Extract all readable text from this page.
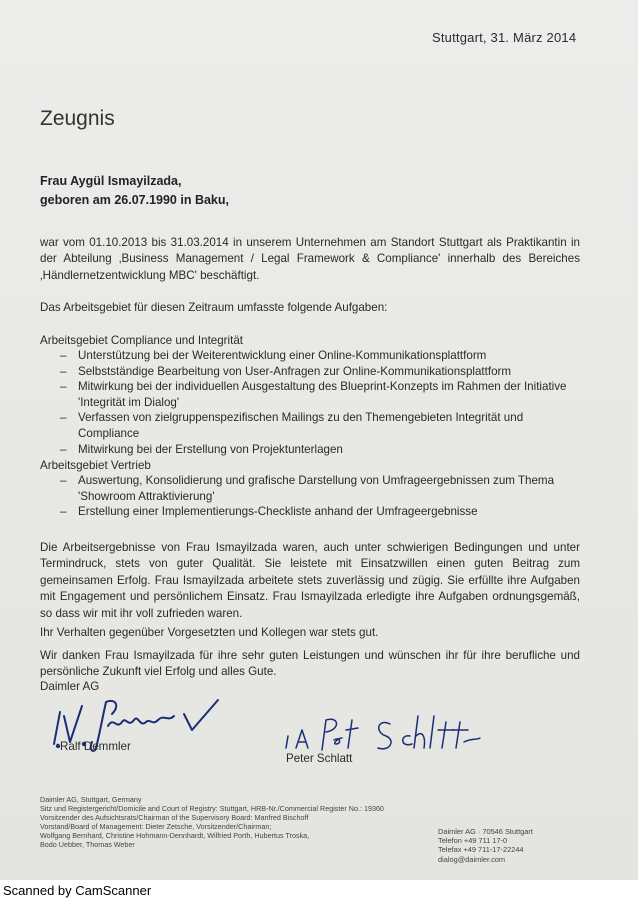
Stuttgart, 31. März 2014
Zeugnis
Frau Aygül Ismayilzada,
geboren am 26.07.1990 in Baku,
war vom 01.10.2013 bis 31.03.2014 in unserem Unternehmen am Standort Stuttgart als Praktikantin in der Abteilung ‚Business Management / Legal Framework & Compliance' innerhalb des Bereiches ‚Händlernetzentwicklung MBC' beschäftigt.
Das Arbeitsgebiet für diesen Zeitraum umfasste folgende Aufgaben:
Arbeitsgebiet Compliance und Integrität
– Unterstützung bei der Weiterentwicklung einer Online-Kommunikationsplattform
– Selbstständige Bearbeitung von User-Anfragen zur Online-Kommunikationsplattform
– Mitwirkung bei der individuellen Ausgestaltung des Blueprint-Konzepts im Rahmen der Initiative 'Integrität im Dialog'
– Verfassen von zielgruppenspezifischen Mailings zu den Themengebieten Integrität und Compliance
– Mitwirkung bei der Erstellung von Projektunterlagen
Arbeitsgebiet Vertrieb
– Auswertung, Konsolidierung und grafische Darstellung von Umfrageergebnissen zum Thema 'Showroom Attraktivierung'
– Erstellung einer Implementierungs-Checkliste anhand der Umfrageergebnisse
Die Arbeitsergebnisse von Frau Ismayilzada waren, auch unter schwierigen Bedingungen und unter Termindruck, stets von guter Qualität. Sie leistete mit Einsatzwillen einen guten Beitrag zum gemeinsamen Erfolg. Frau Ismayilzada arbeitete stets zuverlässig und zügig. Sie erfüllte ihre Aufgaben mit Engagement und persönlichem Einsatz. Frau Ismayilzada erledigte ihre Aufgaben ordnungsgemäß, so dass wir mit ihr voll zufrieden waren.
Ihr Verhalten gegenüber Vorgesetzten und Kollegen war stets gut.
Wir danken Frau Ismayilzada für ihre sehr guten Leistungen und wünschen ihr für ihre berufliche und persönliche Zukunft viel Erfolg und alles Gute.
Daimler AG
Ralf Demmler
Peter Schlatt
Daimler AG, Stuttgart, Germany
Sitz und Registergericht/Domicile and Court of Registry: Stuttgart, HRB-Nr./Commercial Register No.: 19360
Vorsitzender des Aufsichtsrats/Chairman of the Supervisory Board: Manfred Bischoff
Vorstand/Board of Management: Dieter Zetsche, Vorsitzender/Chairman;
Wolfgang Bernhard, Christine Hohmann-Dennhardt, Wilfried Porth, Hubertus Troska,
Bodo Uebber, Thomas Weber
Daimler AG · 70546 Stuttgart
Telefon +49 711 17-0
Telefax +49 711-17-22244
dialog@daimler.com
Scanned by CamScanner
